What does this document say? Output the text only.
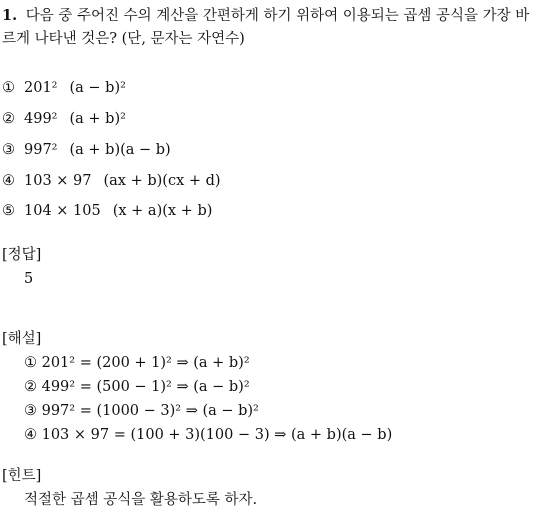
1. 다음 중 주어진 수의 계산을 간편하게 하기 위하여 이용되는 곱셈 공식을 가장 바르게 나타낸 것은? (단, 문자는 자연수)
① 201² (a − b)²
② 499² (a + b)²
③ 997² (a + b)(a − b)
④ 103 × 97 (ax + b)(cx + d)
⑤ 104 × 105 (x + a)(x + b)
[정답]
5
[해설]
① 201² = (200 + 1)² ⇒ (a + b)²
② 499² = (500 − 1)² ⇒ (a − b)²
③ 997² = (1000 − 3)² ⇒ (a − b)²
④ 103 × 97 = (100 + 3)(100 − 3) ⇒ (a + b)(a − b)
[힌트]
적절한 곱셈 공식을 활용하도록 하자.
